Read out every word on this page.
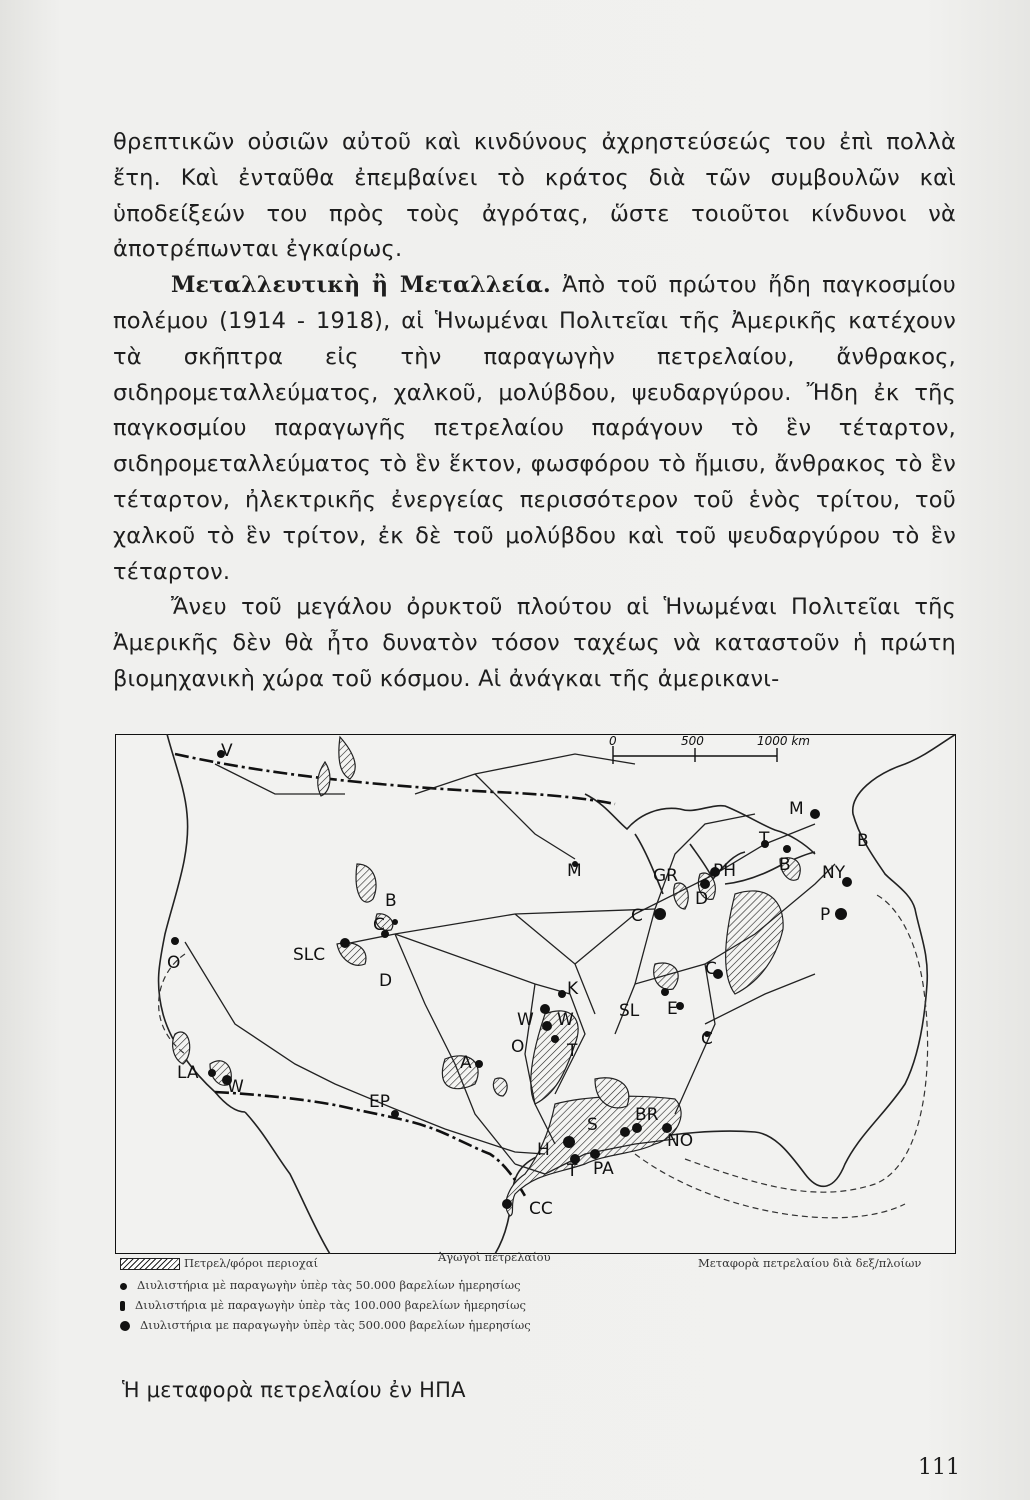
θρεπτικῶν οὐσιῶν αὐτοῦ καὶ κινδύνους ἀχρηστεύσεώς του ἐπὶ πολλὰ ἔτη. Καὶ ἐνταῦθα ἐπεμβαίνει τὸ κράτος διὰ τῶν συμβουλῶν καὶ ὑποδείξεών του πρὸς τοὺς ἀγρότας, ὥστε τοιοῦτοι κίνδυνοι νὰ ἀποτρέπωνται ἐγκαίρως.

Μεταλλευτικὴ ἢ Μεταλλεία. Ἀπὸ τοῦ πρώτου ἤδη παγκοσμίου πολέμου (1914 - 1918), αἱ Ἡνωμέναι Πολιτεῖαι τῆς Ἀμερικῆς κατέχουν τὰ σκῆπτρα εἰς τὴν παραγωγὴν πετρελαίου, ἄνθρακος, σιδηρομεταλλεύματος, χαλκοῦ, μολύβδου, ψευδαργύρου. Ἤδη ἐκ τῆς παγκοσμίου παραγωγῆς πετρελαίου παράγουν τὸ ἓν τέταρτον, σιδηρομεταλλεύματος τὸ ἓν ἕκτον, φωσφόρου τὸ ἥμισυ, ἄνθρακος τὸ ἓν τέταρτον, ἠλεκτρικῆς ἐνεργείας περισσότερον τοῦ ἑνὸς τρίτου, τοῦ χαλκοῦ τὸ ἓν τρίτον, ἐκ δὲ τοῦ μολύβδου καὶ τοῦ ψευδαργύρου τὸ ἓν τέταρτον.

Ἄνευ τοῦ μεγάλου ὀρυκτοῦ πλούτου αἱ Ἡνωμέναι Πολιτεῖαι τῆς Ἀμερικῆς δὲν θὰ ἦτο δυνατὸν τόσον ταχέως νὰ καταστοῦν ἡ πρώτη βιομηχανικὴ χώρα τοῦ κόσμου. Αἱ ἀνάγκαι τῆς ἀμερικανι-

0	500	1000 km
V
M
T	B
B NY
P
M	GR PH
D
C
C
SLC
B
C
D
O
K
SL E
C
W W
O	T
A
LA
W
EP
S BR
NO
H
T PA
CC
Πετρελ/φόροι περιοχαί	Ἀγωγοὶ πετρελαίου	Μεταφορὰ πετρελαίου διὰ δεξ/πλοίων
Διυλιστήρια μὲ παραγωγὴν ὑπὲρ τὰς 50.000 βαρελίων ἡμερησίως
Διυλιστήρια μὲ παραγωγὴν ὑπὲρ τὰς 100.000 βαρελίων ἡμερησίως
Διυλιστήρια με παραγωγὴν ὑπὲρ τὰς 500.000 βαρελίων ἡμερησίως
Ἡ μεταφορὰ πετρελαίου ἐν ΗΠΑ
111
